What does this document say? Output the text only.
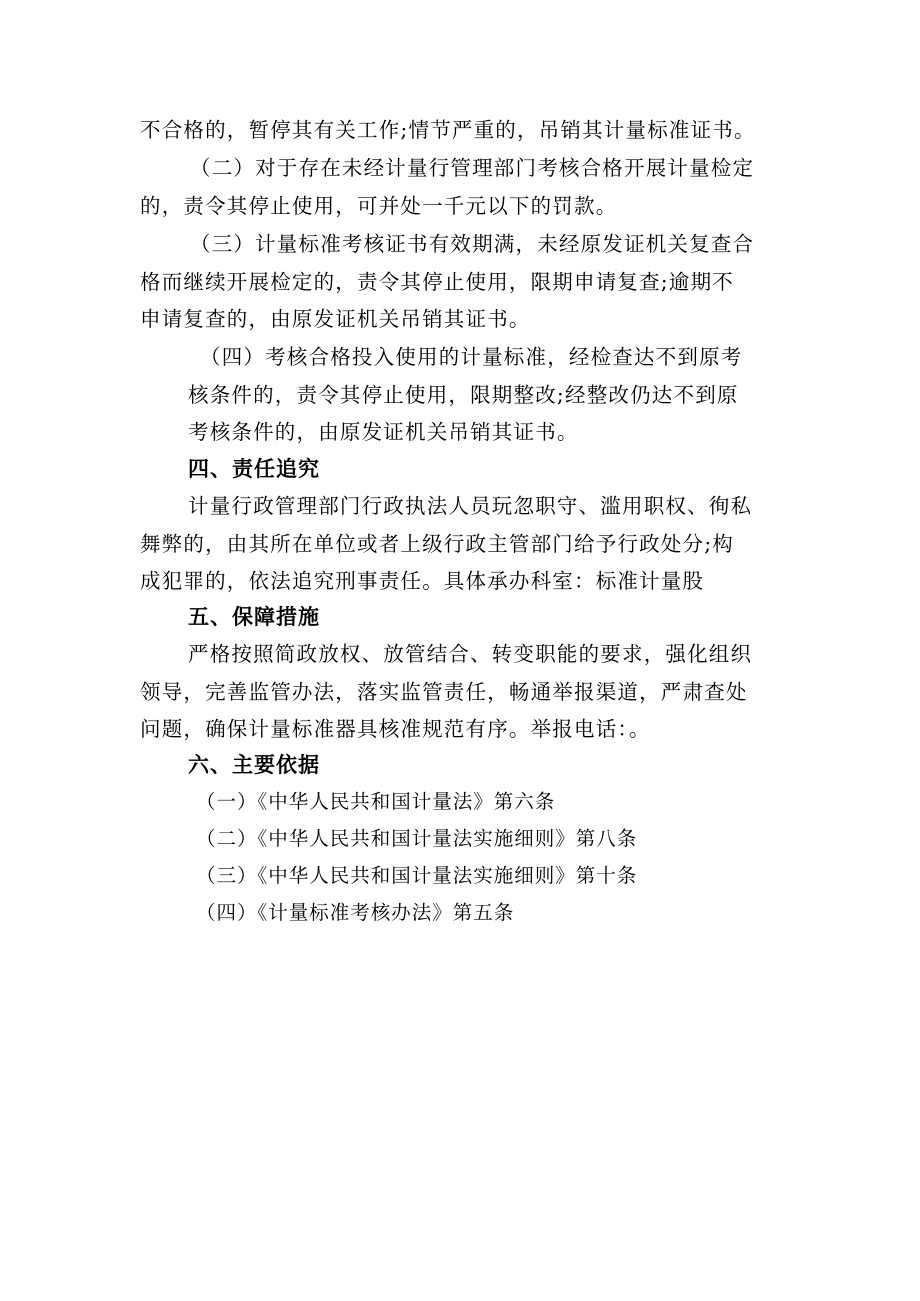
不合格的，暂停其有关工作;情节严重的，吊销其计量标准证书。
（二）对于存在未经计量行管理部门考核合格开展计量检定
的，责令其停止使用，可并处一千元以下的罚款。
（三）计量标准考核证书有效期满，未经原发证机关复查合
格而继续开展检定的，责令其停止使用，限期申请复查;逾期不
申请复查的，由原发证机关吊销其证书。
（四）考核合格投入使用的计量标准，经检查达不到原考
核条件的，责令其停止使用，限期整改;经整改仍达不到原
考核条件的，由原发证机关吊销其证书。
四、责任追究
计量行政管理部门行政执法人员玩忽职守、滥用职权、徇私
舞弊的，由其所在单位或者上级行政主管部门给予行政处分;构
成犯罪的，依法追究刑事责任。具体承办科室：标准计量股
五、保障措施
严格按照简政放权、放管结合、转变职能的要求，强化组织
领导，完善监管办法，落实监管责任，畅通举报渠道，严肃查处
问题，确保计量标准器具核准规范有序。举报电话：。
六、主要依据
（一）《中华人民共和国计量法》第六条
（二）《中华人民共和国计量法实施细则》第八条
（三）《中华人民共和国计量法实施细则》第十条
（四）《计量标准考核办法》第五条
